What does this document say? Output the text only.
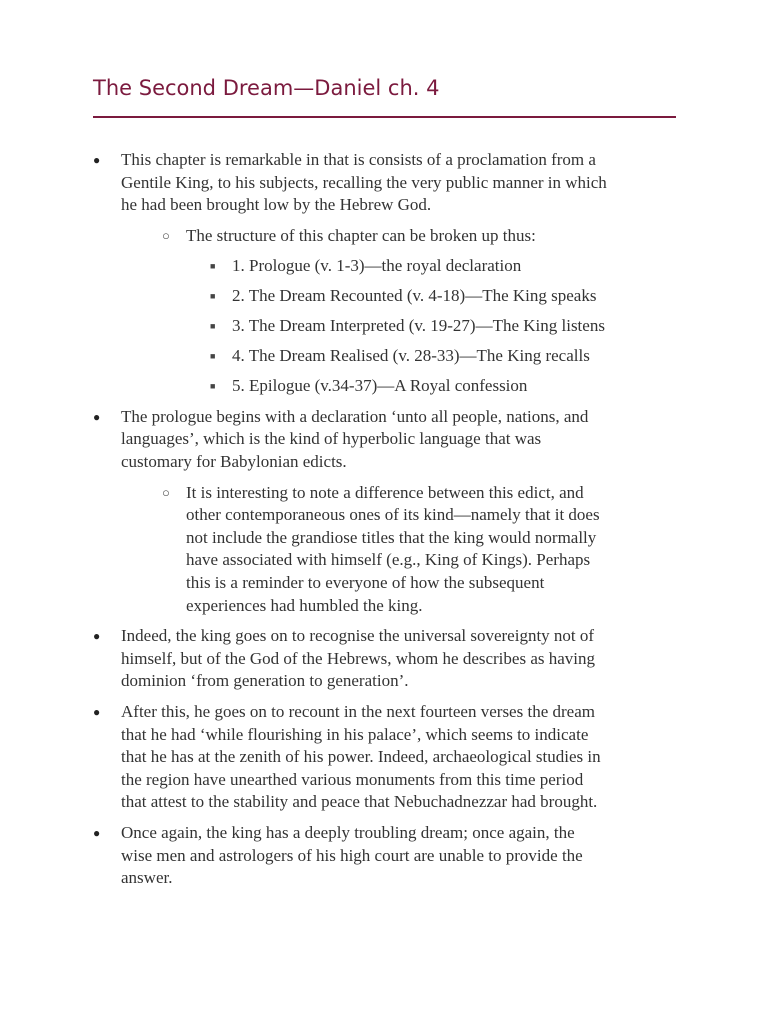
The Second Dream—Daniel ch. 4
● This chapter is remarkable in that is consists of a proclamation from a
Gentile King, to his subjects, recalling the very public manner in which
he had been brought low by the Hebrew God.
○ The structure of this chapter can be broken up thus:
■ 1. Prologue (v. 1-3)—the royal declaration
■ 2. The Dream Recounted (v. 4-18)—The King speaks
■ 3. The Dream Interpreted (v. 19-27)—The King listens
■ 4. The Dream Realised (v. 28-33)—The King recalls
■ 5. Epilogue (v.34-37)—A Royal confession
● The prologue begins with a declaration ‘unto all people, nations, and
languages’, which is the kind of hyperbolic language that was
customary for Babylonian edicts.
○ It is interesting to note a difference between this edict, and
other contemporaneous ones of its kind—namely that it does
not include the grandiose titles that the king would normally
have associated with himself (e.g., King of Kings). Perhaps
this is a reminder to everyone of how the subsequent
experiences had humbled the king.
● Indeed, the king goes on to recognise the universal sovereignty not of
himself, but of the God of the Hebrews, whom he describes as having
dominion ‘from generation to generation’.
● After this, he goes on to recount in the next fourteen verses the dream
that he had ‘while flourishing in his palace’, which seems to indicate
that he has at the zenith of his power. Indeed, archaeological studies in
the region have unearthed various monuments from this time period
that attest to the stability and peace that Nebuchadnezzar had brought.
● Once again, the king has a deeply troubling dream; once again, the
wise men and astrologers of his high court are unable to provide the
answer.
